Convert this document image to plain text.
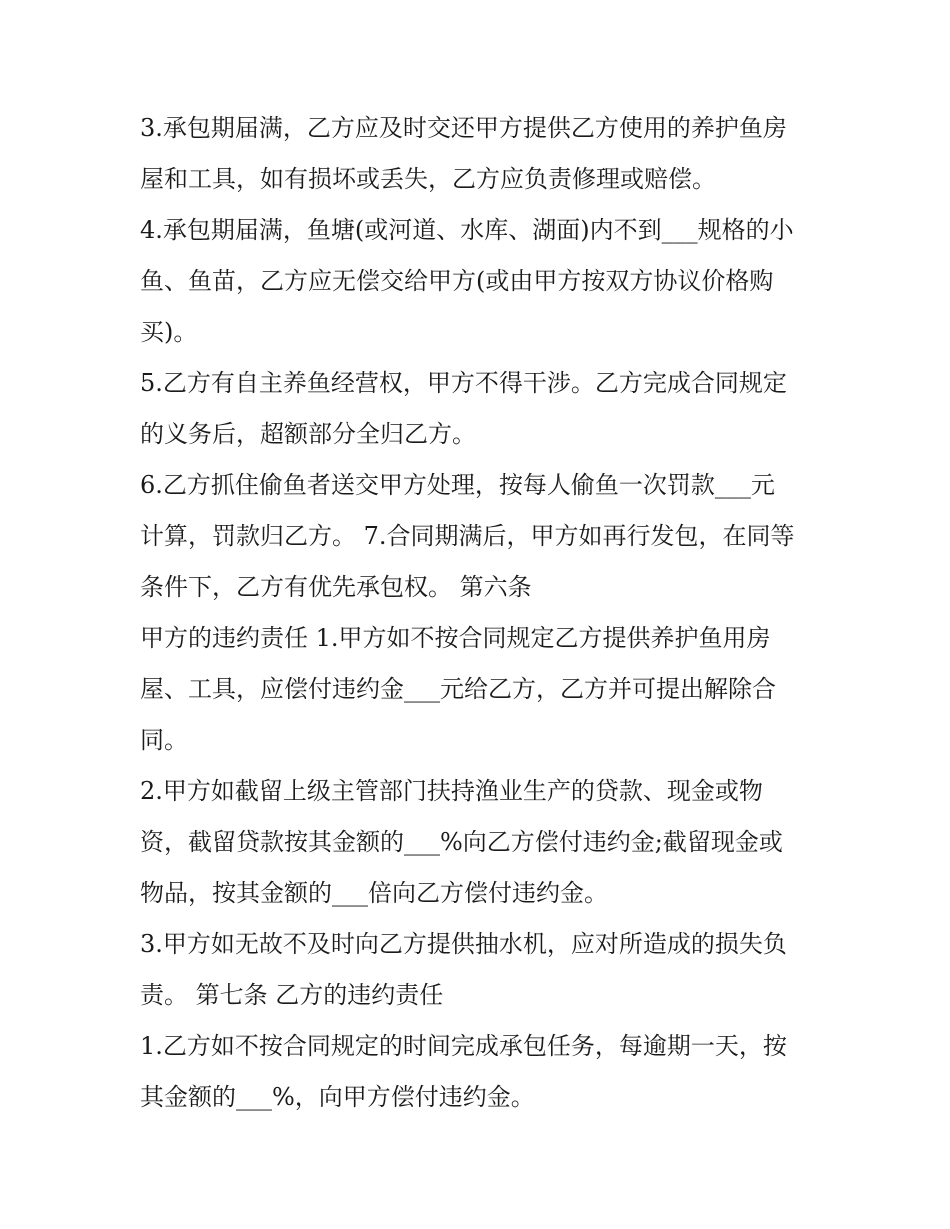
3.承包期届满，乙方应及时交还甲方提供乙方使用的养护鱼房

屋和工具，如有损坏或丢失，乙方应负责修理或赔偿。

4.承包期届满，鱼塘(或河道、水库、湖面)内不到___规格的小

鱼、鱼苗，乙方应无偿交给甲方(或由甲方按双方协议价格购

买)。

5.乙方有自主养鱼经营权，甲方不得干涉。乙方完成合同规定

的义务后，超额部分全归乙方。

6.乙方抓住偷鱼者送交甲方处理，按每人偷鱼一次罚款___元

计算，罚款归乙方。 7.合同期满后，甲方如再行发包，在同等

条件下，乙方有优先承包权。 第六条

甲方的违约责任 1.甲方如不按合同规定乙方提供养护鱼用房

屋、工具，应偿付违约金___元给乙方，乙方并可提出解除合

同。

2.甲方如截留上级主管部门扶持渔业生产的贷款、现金或物

资，截留贷款按其金额的___%向乙方偿付违约金;截留现金或

物品，按其金额的___倍向乙方偿付违约金。

3.甲方如无故不及时向乙方提供抽水机，应对所造成的损失负

责。 第七条 乙方的违约责任

1.乙方如不按合同规定的时间完成承包任务，每逾期一天，按

其金额的___%，向甲方偿付违约金。
